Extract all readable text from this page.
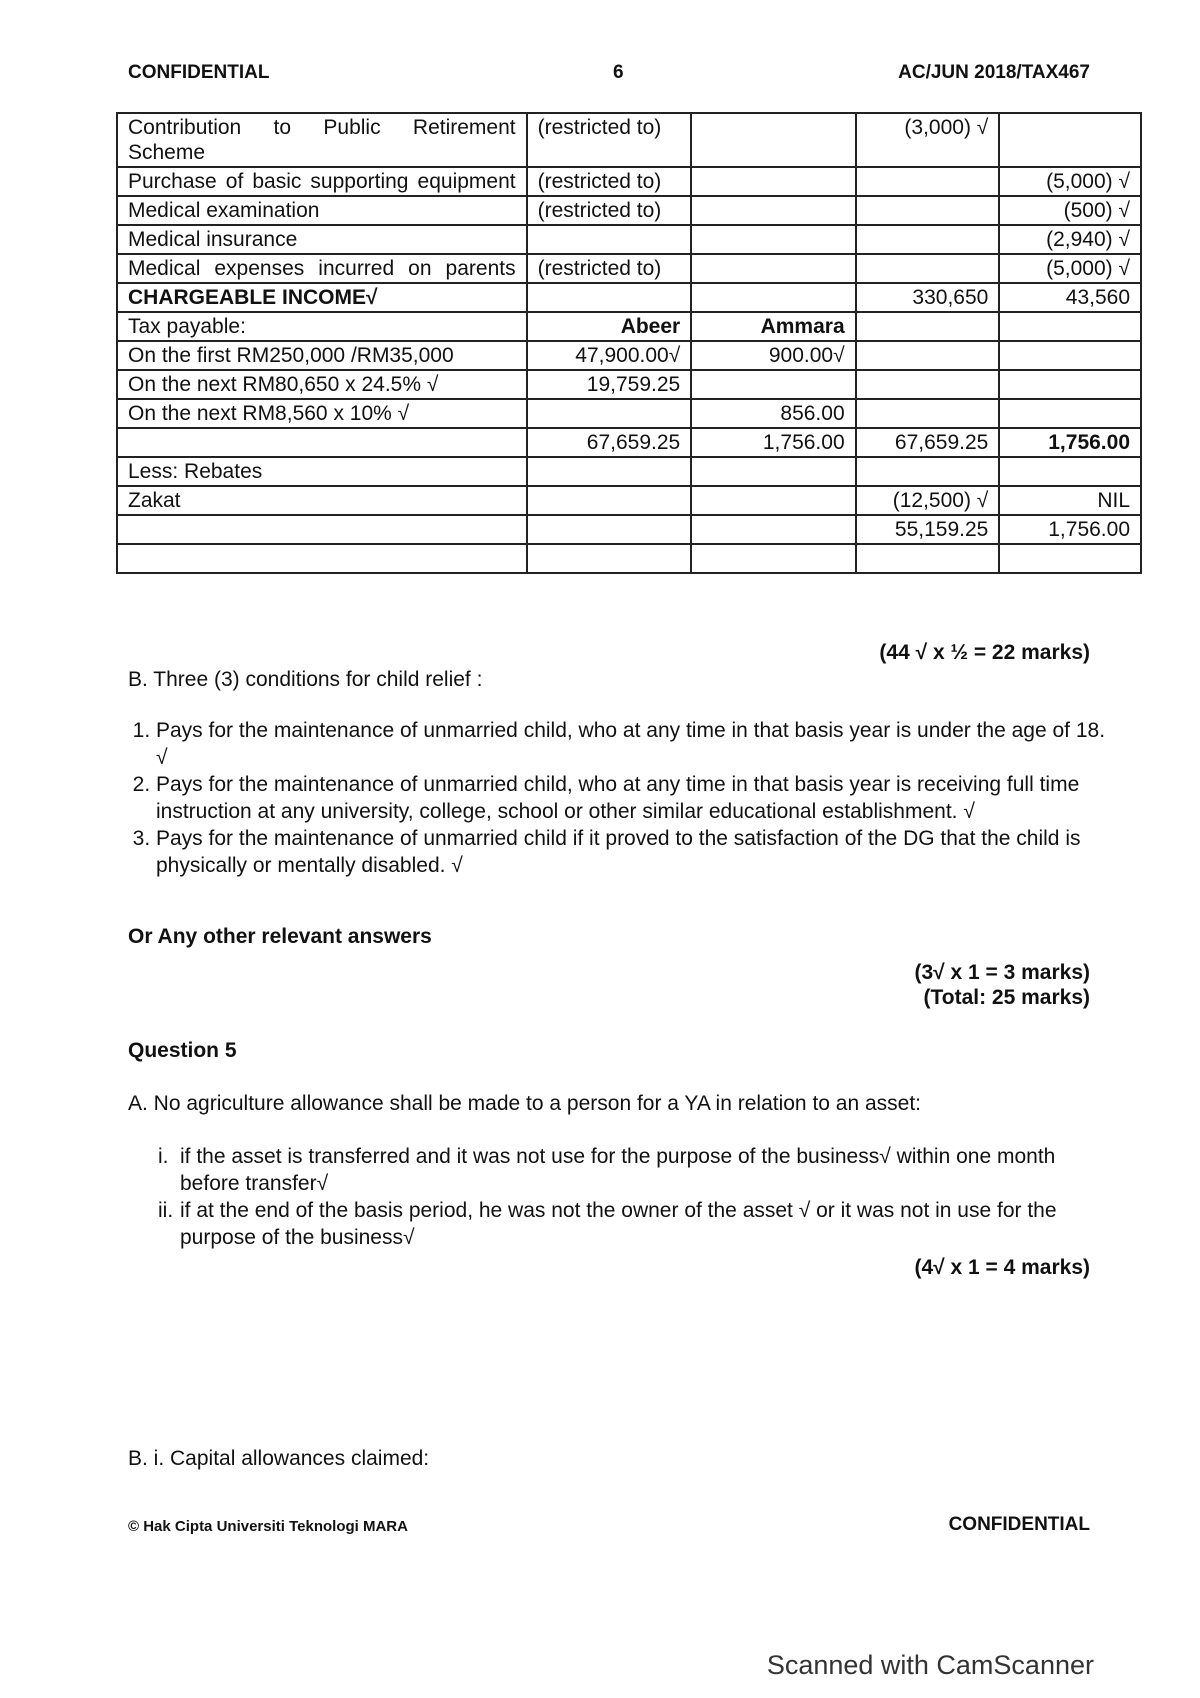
CONFIDENTIAL	6	AC/JUN 2018/TAX467
Contribution to Public Retirement Scheme	(restricted to)		(3,000) √	
Purchase of basic supporting equipment	(restricted to)			(5,000) √
Medical examination	(restricted to)			(500) √
Medical insurance				(2,940) √
Medical expenses incurred on parents	(restricted to)			(5,000) √
CHARGEABLE INCOME√			330,650	43,560
Tax payable:	Abeer	Ammara		
On the first RM250,000 /RM35,000	47,900.00√	900.00√		
On the next RM80,650 x 24.5% √	19,759.25			
On the next RM8,560 x 10% √		856.00		
	67,659.25	1,756.00	67,659.25	1,756.00
Less: Rebates				
Zakat			(12,500) √	NIL
			55,159.25	1,756.00

(44 √ x ½ = 22 marks)
B. Three (3) conditions for child relief :
1. Pays for the maintenance of unmarried child, who at any time in that basis year is under the age of 18. √
2. Pays for the maintenance of unmarried child, who at any time in that basis year is receiving full time instruction at any university, college, school or other similar educational establishment. √
3. Pays for the maintenance of unmarried child if it proved to the satisfaction of the DG that the child is physically or mentally disabled. √
Or Any other relevant answers
(3√ x 1 = 3 marks)
(Total: 25 marks)
Question 5
A. No agriculture allowance shall be made to a person for a YA in relation to an asset:
i. if the asset is transferred and it was not use for the purpose of the business√ within one month before transfer√
ii. if at the end of the basis period, he was not the owner of the asset √ or it was not in use for the purpose of the business√
(4√ x 1 = 4 marks)
B. i. Capital allowances claimed:
© Hak Cipta Universiti Teknologi MARA	CONFIDENTIAL
Scanned with CamScanner
